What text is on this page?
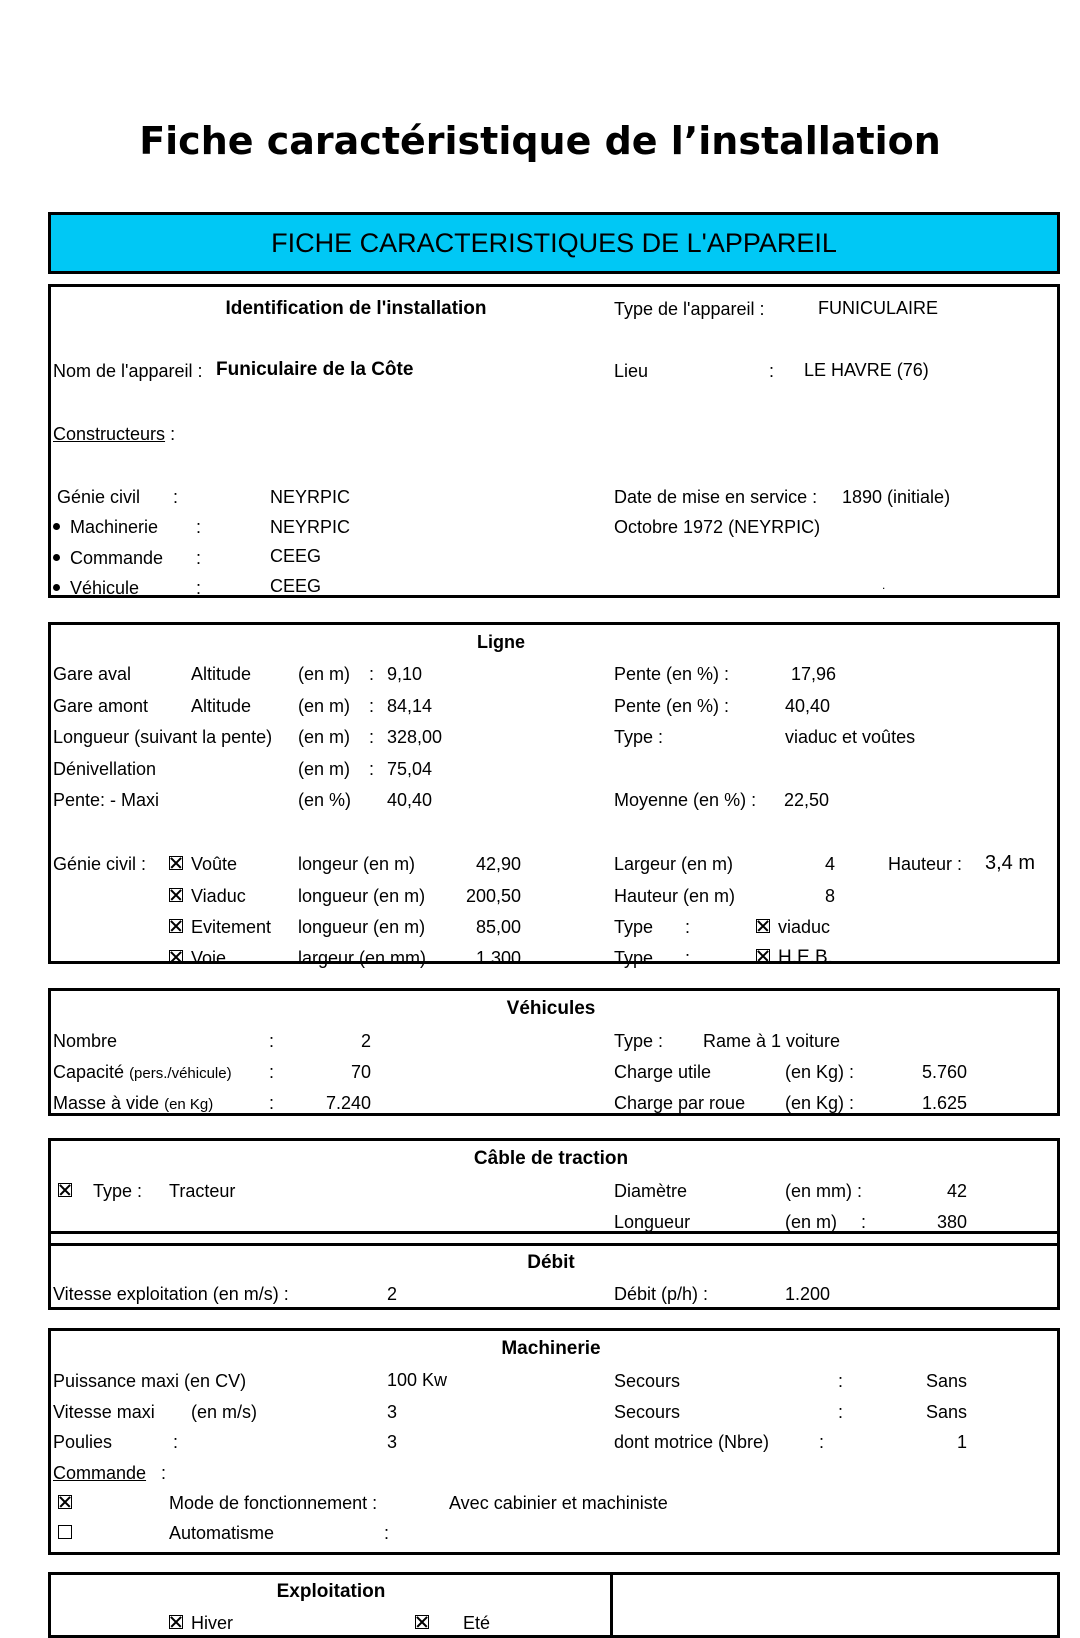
Fiche caractéristique de l’installation
FICHE CARACTERISTIQUES DE L'APPAREIL
Identification de l'installation	Type de l'appareil :	FUNICULAIRE
Nom de l'appareil : Funiculaire de la Côte	Lieu	: LE HAVRE (76)
Constructeurs :
Génie civil :	NEYRPIC
Machinerie :	NEYRPIC
Commande :	CEEG
Véhicule	:	CEEG
Date de mise en service : 1890 (initiale)
Octobre 1972 (NEYRPIC)
.
Ligne
Gare aval	Altitude	(en m) : 9,10	Pente (en %) :	17,96
Gare amont Altitude	(en m) : 84,14	Pente (en %) :	40,40
Longueur (suivant la pente) (en m) : 328,00	Type :	viaduc et voûtes
Dénivellation	(en m) : 75,04
Pente: - Maxi	(en %) 40,40	Moyenne (en %) : 22,50
Génie civil :	Voûte	longeur (en m)	42,90	Largeur (en m)	4	Hauteur : 3,4 m
Viaduc	longueur (en m)	200,50	Hauteur (en m)	8
Evitement longueur (en m)	85,00	Type :	viaduc
Voie	largeur (en mm)	1.300	Type :	H.E.B.
Véhicules
Nombre	:	2	Type : Rame à 1 voiture
Capacité (pers./véhicule) :	70	Charge utile	(en Kg) :	5.760
Masse à vide (en Kg)	:	7.240	Charge par roue (en Kg) :	1.625
Câble de traction
Type : Tracteur	Diamètre	(en mm) :	42
Longueur	(en m) :	380
Débit
Vitesse exploitation (en m/s) :	2	Débit (p/h) :	1.200
Machinerie
Puissance maxi (en CV)	100 Kw	Secours	:	Sans
Vitesse maxi (en m/s)	3	Secours	:	Sans
Poulies	:	3	dont motrice (Nbre)	:	1
Commande :
Mode de fonctionnement :	Avec cabinier et machiniste
Automatisme	:
Exploitation
Hiver	Eté
